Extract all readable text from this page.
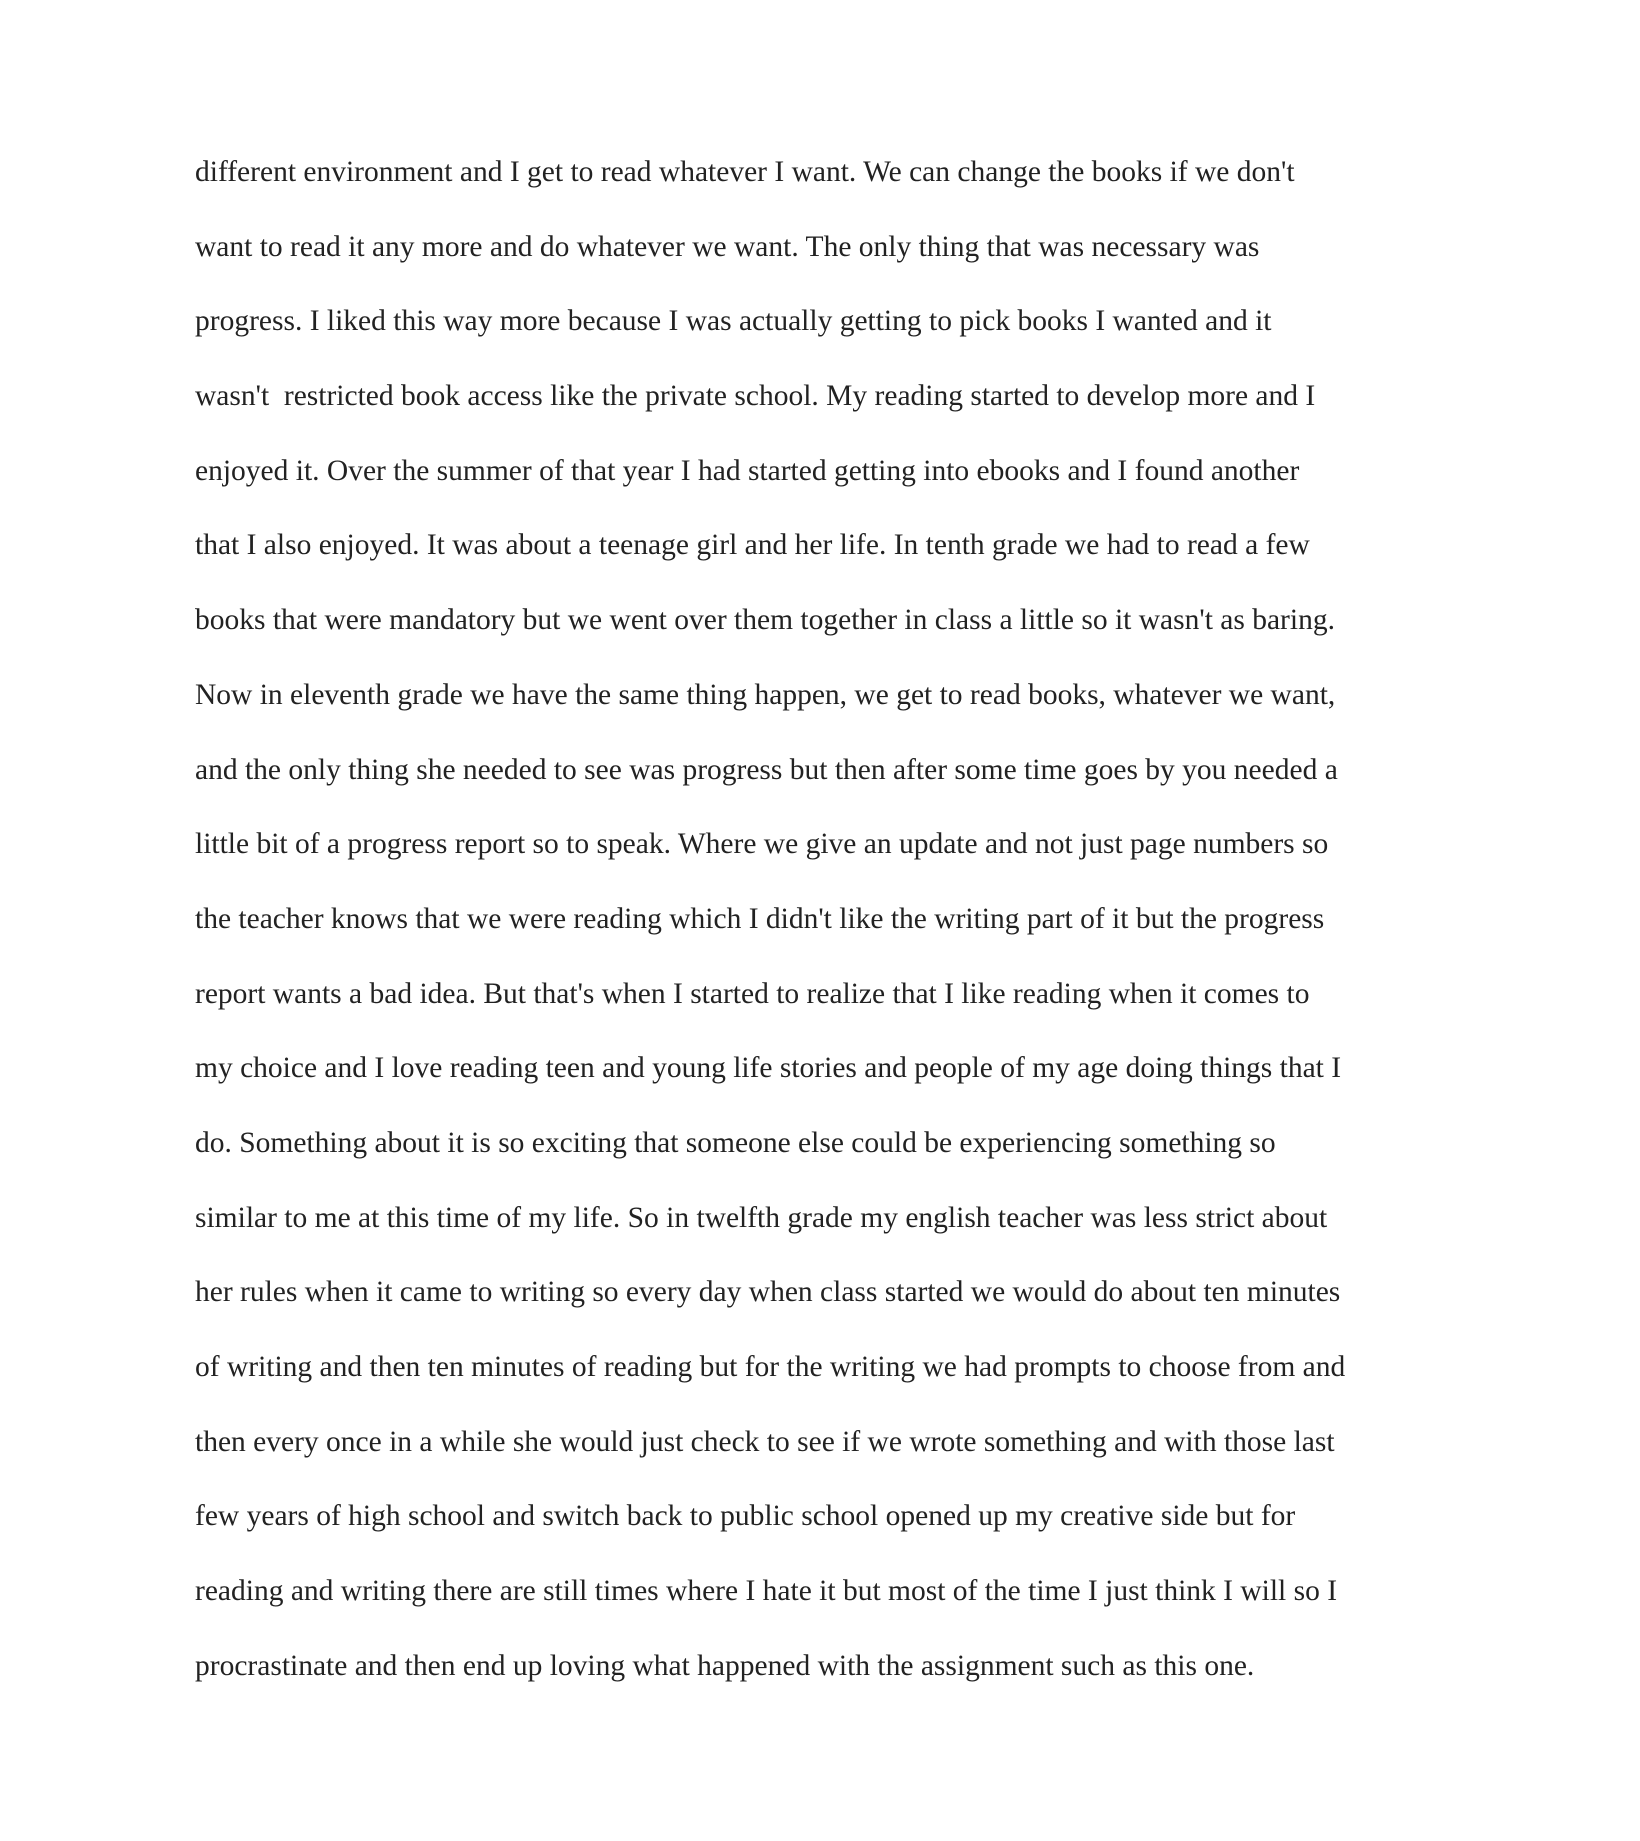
different environment and I get to read whatever I want. We can change the books if we don't
want to read it any more and do whatever we want. The only thing that was necessary was
progress. I liked this way more because I was actually getting to pick books I wanted and it
wasn't  restricted book access like the private school. My reading started to develop more and I
enjoyed it. Over the summer of that year I had started getting into ebooks and I found another
that I also enjoyed. It was about a teenage girl and her life. In tenth grade we had to read a few
books that were mandatory but we went over them together in class a little so it wasn't as baring.
Now in eleventh grade we have the same thing happen, we get to read books, whatever we want,
and the only thing she needed to see was progress but then after some time goes by you needed a
little bit of a progress report so to speak. Where we give an update and not just page numbers so
the teacher knows that we were reading which I didn't like the writing part of it but the progress
report wants a bad idea. But that's when I started to realize that I like reading when it comes to
my choice and I love reading teen and young life stories and people of my age doing things that I
do. Something about it is so exciting that someone else could be experiencing something so
similar to me at this time of my life. So in twelfth grade my english teacher was less strict about
her rules when it came to writing so every day when class started we would do about ten minutes
of writing and then ten minutes of reading but for the writing we had prompts to choose from and
then every once in a while she would just check to see if we wrote something and with those last
few years of high school and switch back to public school opened up my creative side but for
reading and writing there are still times where I hate it but most of the time I just think I will so I
procrastinate and then end up loving what happened with the assignment such as this one.
